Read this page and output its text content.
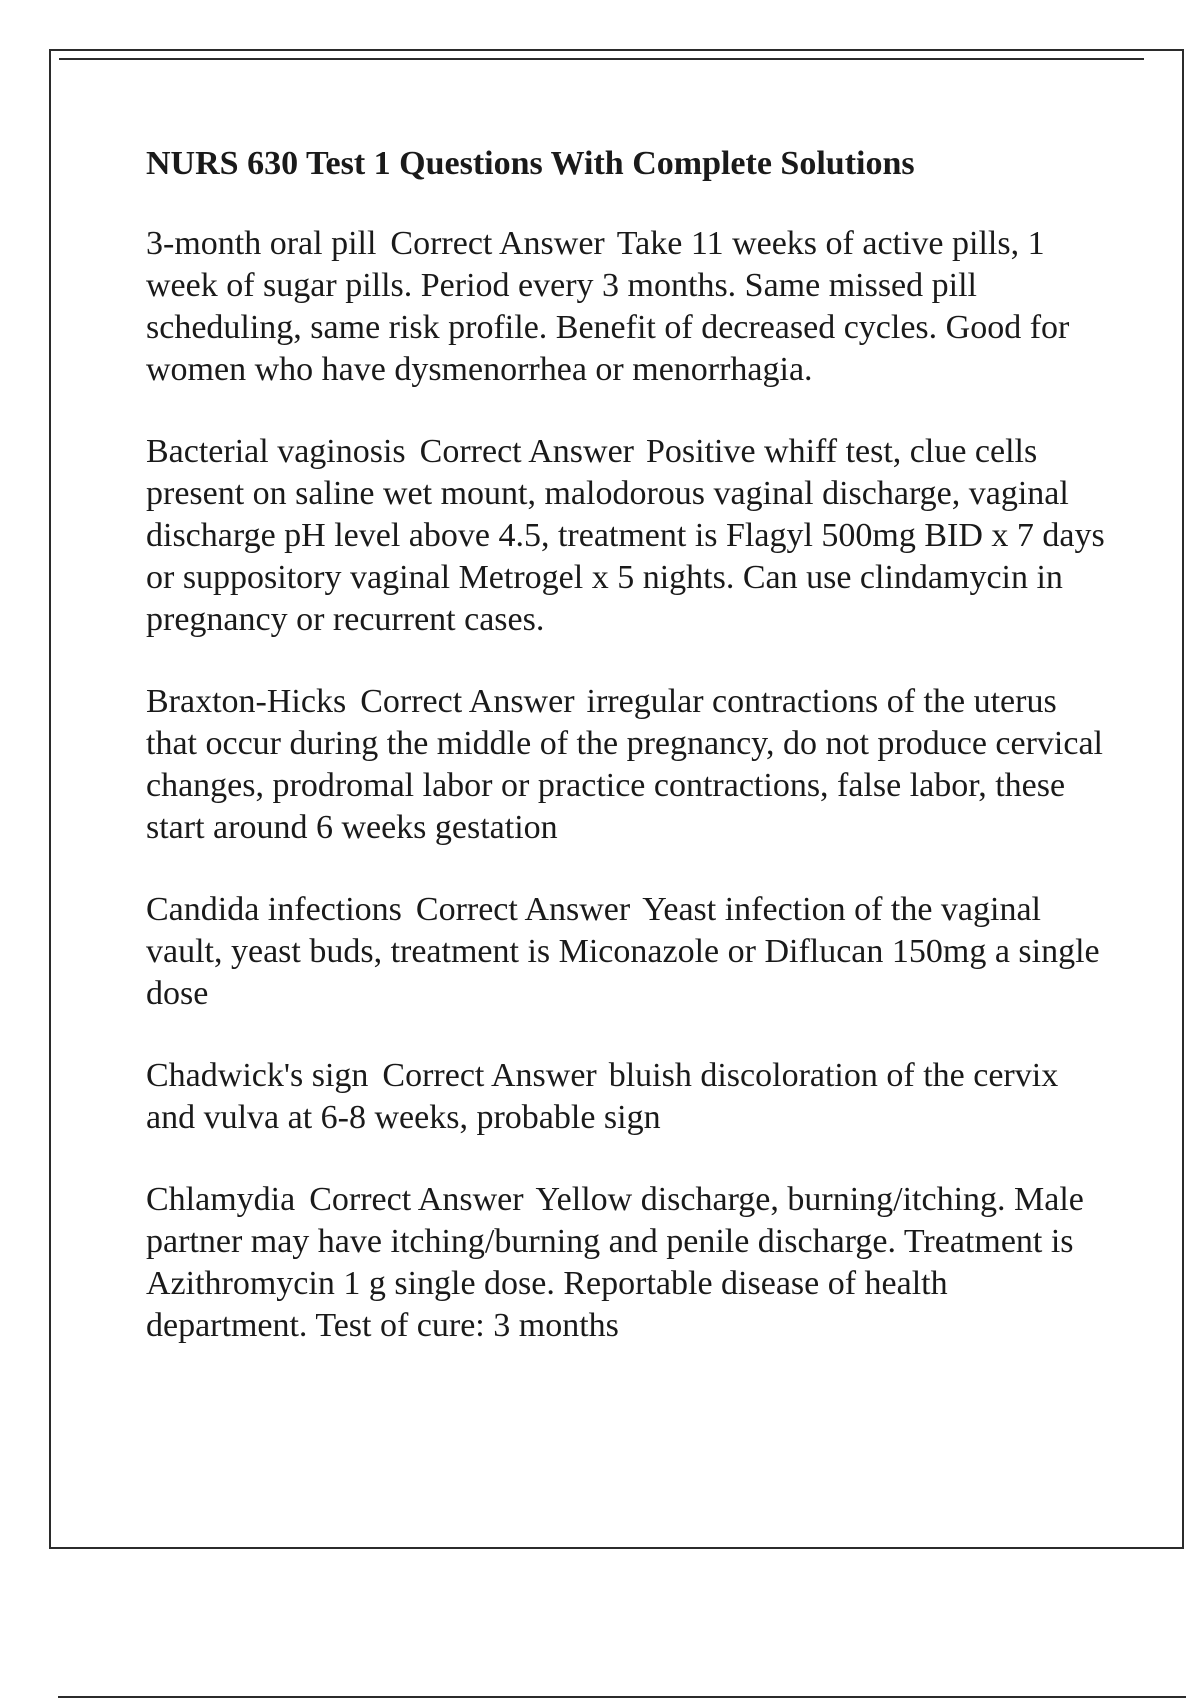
NURS 630 Test 1 Questions With Complete Solutions
3-month oral pill Correct Answer Take 11 weeks of active pills, 1 week of sugar pills. Period every 3 months. Same missed pill scheduling, same risk profile. Benefit of decreased cycles. Good for women who have dysmenorrhea or menorrhagia.
Bacterial vaginosis Correct Answer Positive whiff test, clue cells present on saline wet mount, malodorous vaginal discharge, vaginal discharge pH level above 4.5, treatment is Flagyl 500mg BID x 7 days or suppository vaginal Metrogel x 5 nights. Can use clindamycin in pregnancy or recurrent cases.
Braxton-Hicks Correct Answer irregular contractions of the uterus that occur during the middle of the pregnancy, do not produce cervical changes, prodromal labor or practice contractions, false labor, these start around 6 weeks gestation
Candida infections Correct Answer Yeast infection of the vaginal vault, yeast buds, treatment is Miconazole or Diflucan 150mg a single dose
Chadwick's sign Correct Answer bluish discoloration of the cervix and vulva at 6-8 weeks, probable sign
Chlamydia Correct Answer Yellow discharge, burning/itching. Male partner may have itching/burning and penile discharge. Treatment is Azithromycin 1 g single dose. Reportable disease of health department. Test of cure: 3 months
